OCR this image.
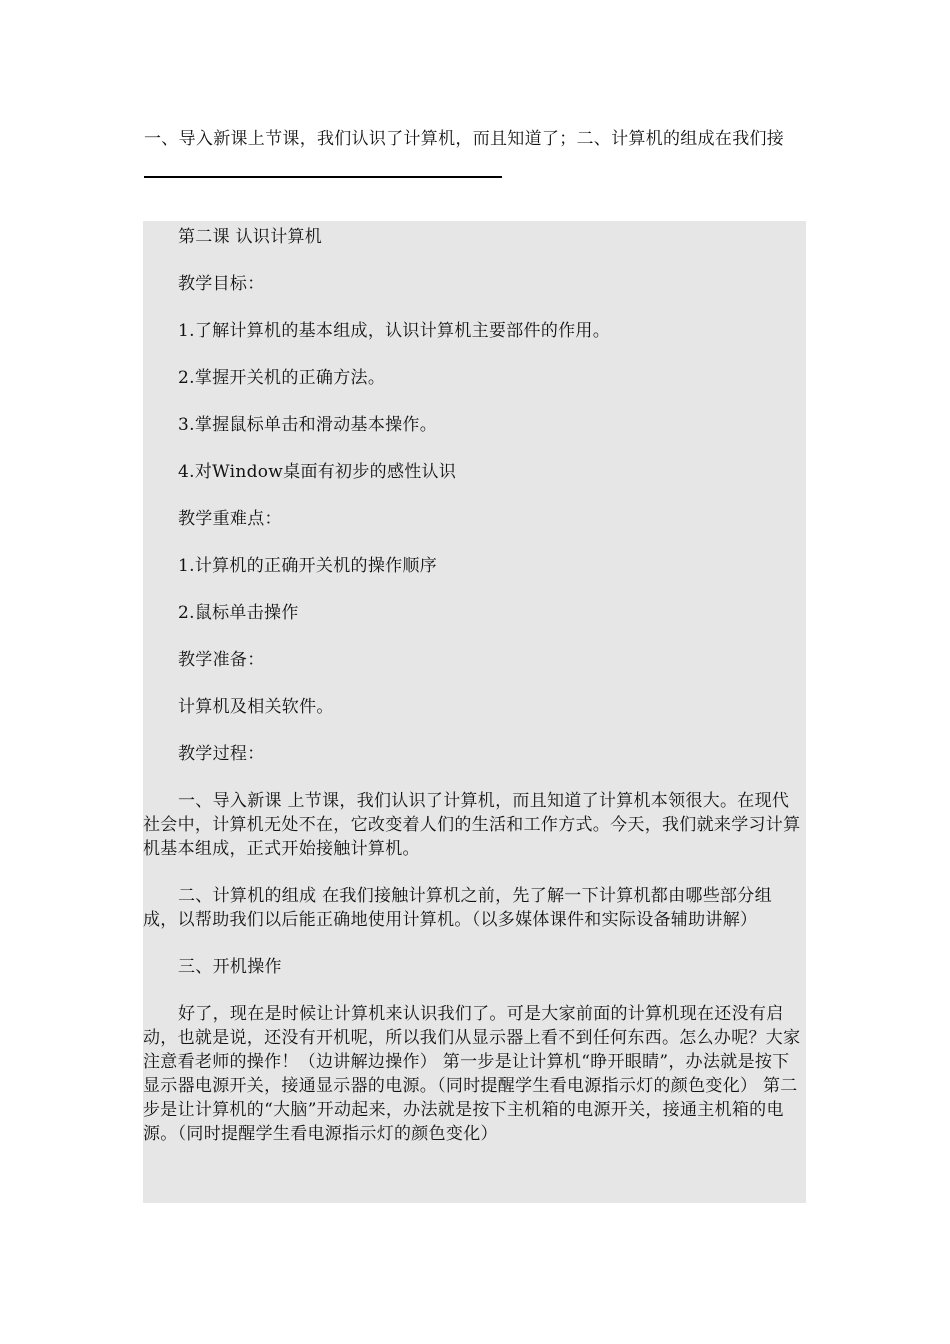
一、导入新课上节课，我们认识了计算机，而且知道了；二、计算机的组成在我们接

第二课 认识计算机

教学目标：

1.了解计算机的基本组成，认识计算机主要部件的作用。

2.掌握开关机的正确方法。

3.掌握鼠标单击和滑动基本操作。

4.对Window桌面有初步的感性认识

教学重难点：

1.计算机的正确开关机的操作顺序

2.鼠标单击操作

教学准备：

计算机及相关软件。

教学过程：

一、导入新课 上节课，我们认识了计算机，而且知道了计算机本领很大。在现代社会中，计算机无处不在，它改变着人们的生活和工作方式。今天，我们就来学习计算机基本组成，正式开始接触计算机。

二、计算机的组成 在我们接触计算机之前，先了解一下计算机都由哪些部分组成，以帮助我们以后能正确地使用计算机。（以多媒体课件和实际设备辅助讲解）

三、开机操作

好了，现在是时候让计算机来认识我们了。可是大家前面的计算机现在还没有启动，也就是说，还没有开机呢，所以我们从显示器上看不到任何东西。怎么办呢？大家注意看老师的操作！（边讲解边操作） 第一步是让计算机“睁开眼睛”，办法就是按下显示器电源开关，接通显示器的电源。（同时提醒学生看电源指示灯的颜色变化） 第二步是让计算机的“大脑”开动起来，办法就是按下主机箱的电源开关，接通主机箱的电源。（同时提醒学生看电源指示灯的颜色变化）
